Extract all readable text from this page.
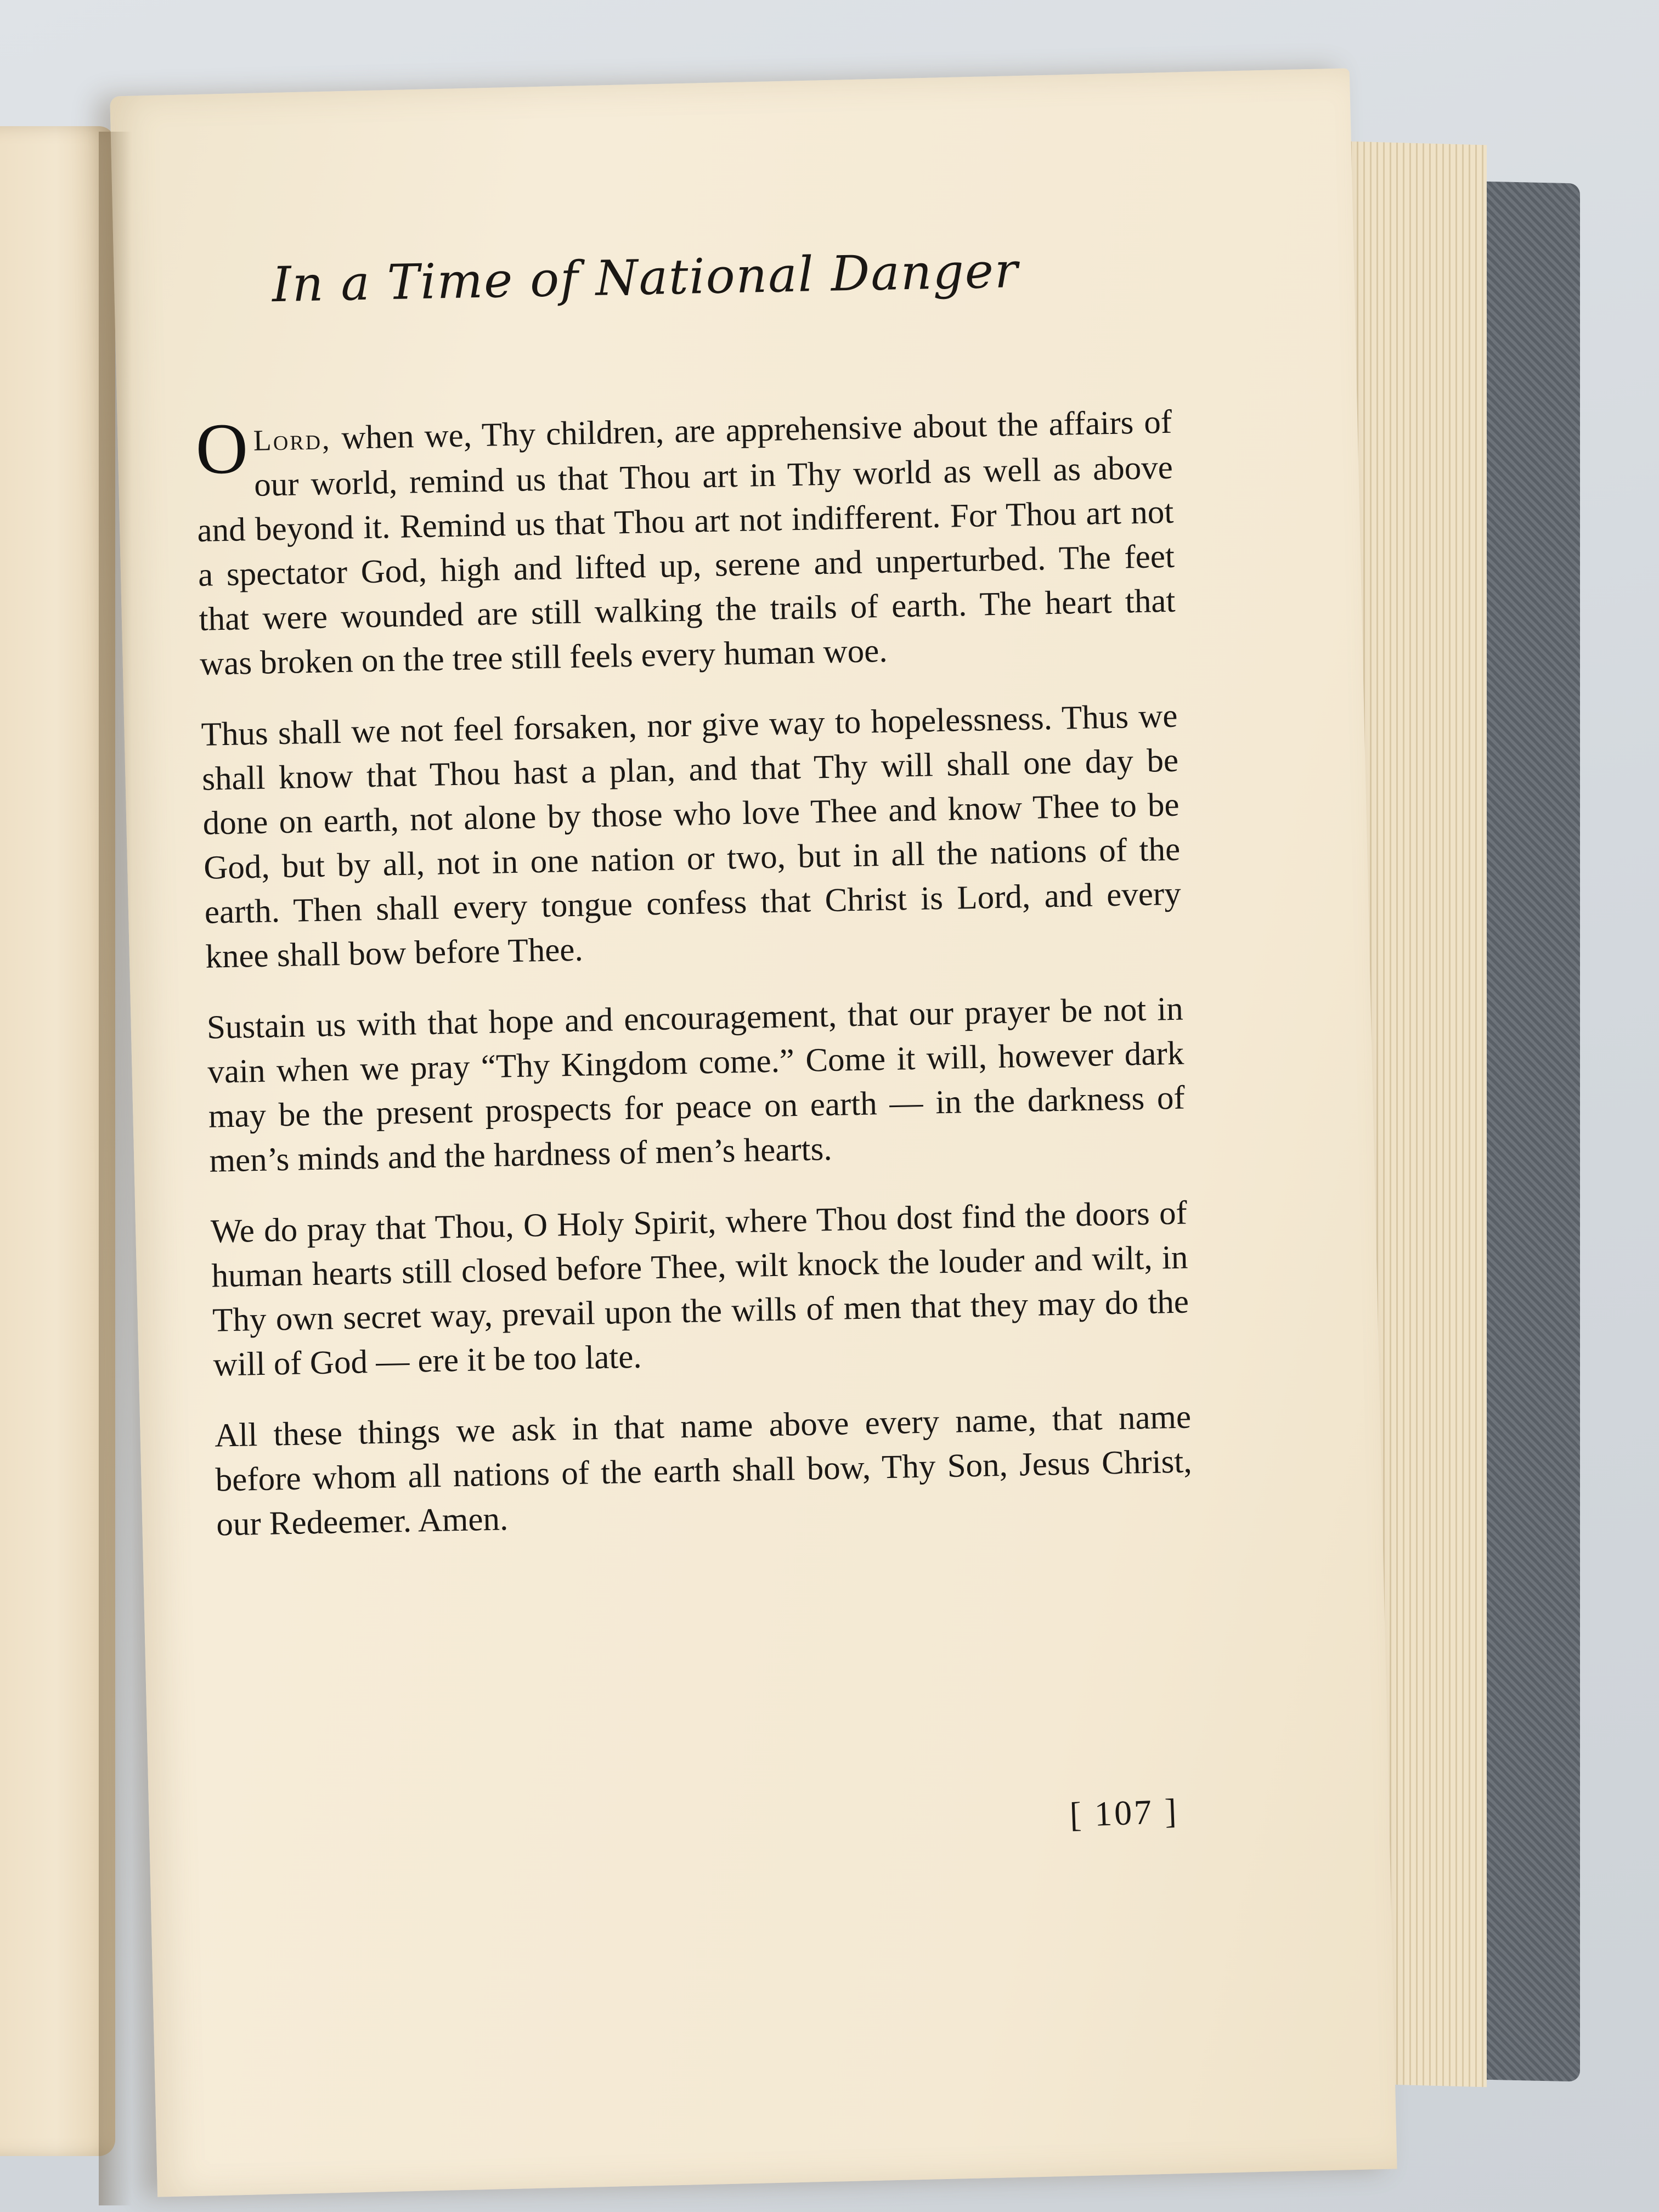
In a Time of National Danger

O Lord, when we, Thy children, are apprehensive about the affairs of our world, remind us that Thou art in Thy world as well as above and beyond it. Remind us that Thou art not indifferent. For Thou art not a spectator God, high and lifted up, serene and unperturbed. The feet that were wounded are still walking the trails of earth. The heart that was broken on the tree still feels every human woe.

Thus shall we not feel forsaken, nor give way to hopelessness. Thus we shall know that Thou hast a plan, and that Thy will shall one day be done on earth, not alone by those who love Thee and know Thee to be God, but by all, not in one nation or two, but in all the nations of the earth. Then shall every tongue confess that Christ is Lord, and every knee shall bow before Thee.

Sustain us with that hope and encouragement, that our prayer be not in vain when we pray “Thy Kingdom come.” Come it will, however dark may be the present prospects for peace on earth — in the darkness of men’s minds and the hardness of men’s hearts.

We do pray that Thou, O Holy Spirit, where Thou dost find the doors of human hearts still closed before Thee, wilt knock the louder and wilt, in Thy own secret way, prevail upon the wills of men that they may do the will of God — ere it be too late.

All these things we ask in that name above every name, that name before whom all nations of the earth shall bow, Thy Son, Jesus Christ, our Redeemer. Amen.

[ 107 ]
